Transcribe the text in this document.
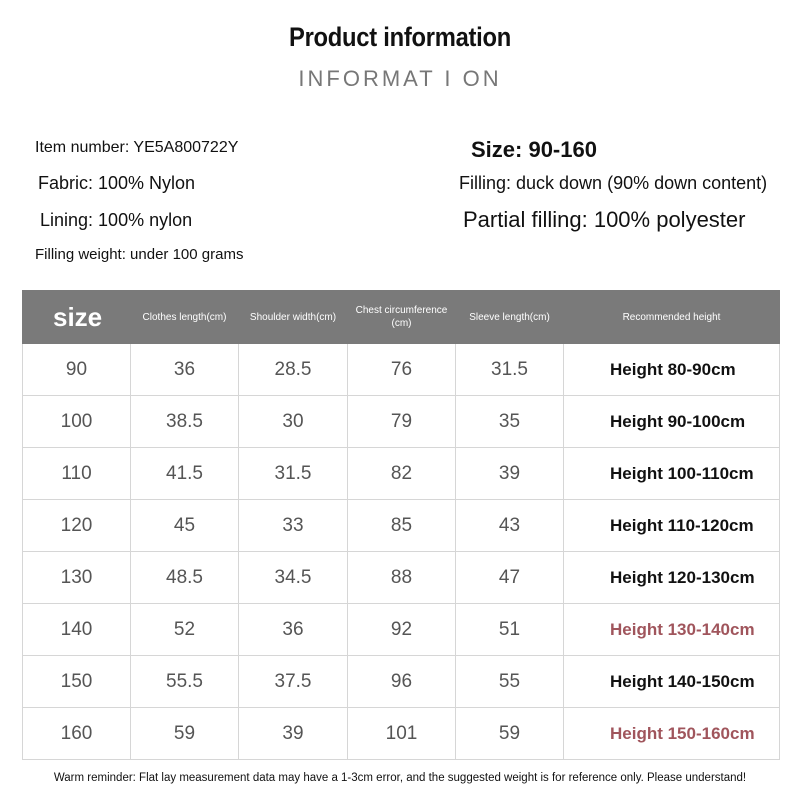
Product information
INFORMAT I ON
Item number: YE5A800722Y	Size: 90-160
Fabric: 100% Nylon	Filling: duck down (90% down content)
Lining: 100% nylon	Partial filling: 100% polyester
Filling weight: under 100 grams
size	Clothes length(cm)	Shoulder width(cm)	Chest circumference (cm)	Sleeve length(cm)	Recommended height
90	36	28.5	76	31.5	Height 80-90cm
100	38.5	30	79	35	Height 90-100cm
110	41.5	31.5	82	39	Height 100-110cm
120	45	33	85	43	Height 110-120cm
130	48.5	34.5	88	47	Height 120-130cm
140	52	36	92	51	Height 130-140cm
150	55.5	37.5	96	55	Height 140-150cm
160	59	39	101	59	Height 150-160cm
Warm reminder: Flat lay measurement data may have a 1-3cm error, and the suggested weight is for reference only. Please understand!
